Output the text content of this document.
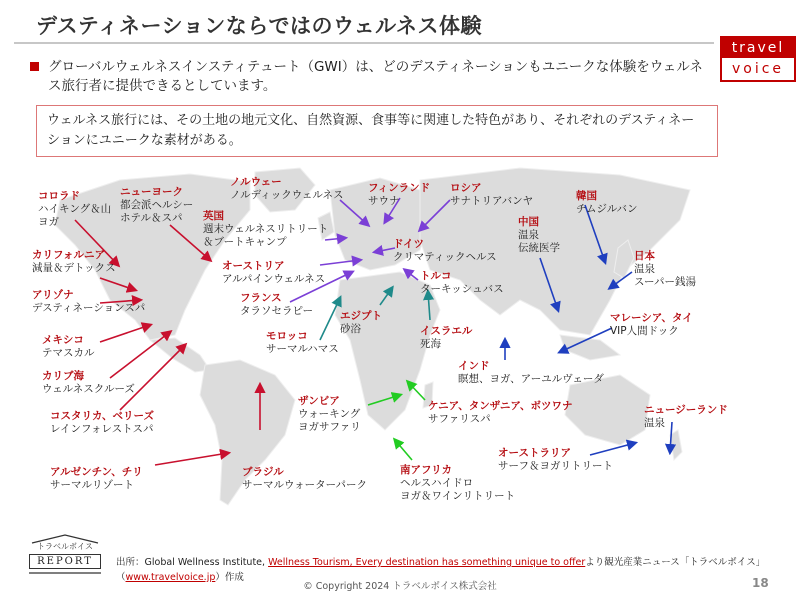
デスティネーションならではのウェルネス体験
travel
voice
グローバルウェルネスインスティテュート（GWI）は、どのデスティネーションもユニークな体験をウェルネス旅行者に提供できるとしています。
ウェルネス旅行には、その土地の地元文化、自然資源、食事等に関連した特色があり、それぞれのデスティネーションにユニークな素材がある。
コロラド
ハイキング＆山
ヨガ
ニューヨーク
都会派ヘルシー
ホテル＆スパ
ノルウェー
ノルディックウェルネス
フィンランド
サウナ
ロシア
サナトリアバンヤ	韓国
チムジルバン
英国
週末ウェルネスリトリート
＆ブートキャンプ	ドイツ
クリマティックヘルス
中国
温泉
伝統医学
カリフォルニア
減量＆デトックス	オーストリア
アルパインウェルネス
日本
温泉
スーパー銭湯
トルコ
ターキッシュバス
アリゾナ
デスティネーションスパ
フランス
タラソセラピー	エジプト
砂浴
マレーシア、タイ
VIP人間ドック
モロッコ
サーマルハマス
イスラエル
死海
メキシコ
テマスカル
インド
瞑想、ヨガ、アーユルヴェーダ
カリブ海
ウェルネスクルーズ
ザンビア
ウォーキング
ヨガサファリ
ケニア、タンザニア、ボツワナ
サファリスパ
ニュージーランド
温泉
コスタリカ、ベリーズ
レインフォレストスパ
オーストラリア
サーフ＆ヨガリトリート
アルゼンチン、チリ
サーマルリゾート
ブラジル
サーマルウォーターパーク
南アフリカ
ヘルスハイドロ
ヨガ＆ワインリトリート
トラベルボイス
REPORT	出所：Global Wellness Institute, Wellness Tourism, Every destination has something unique to offerより観光産業ニュース「トラベルボイス」
（www.travelvoice.jp）作成
© Copyright 2024 トラベルボイス株式会社	18
